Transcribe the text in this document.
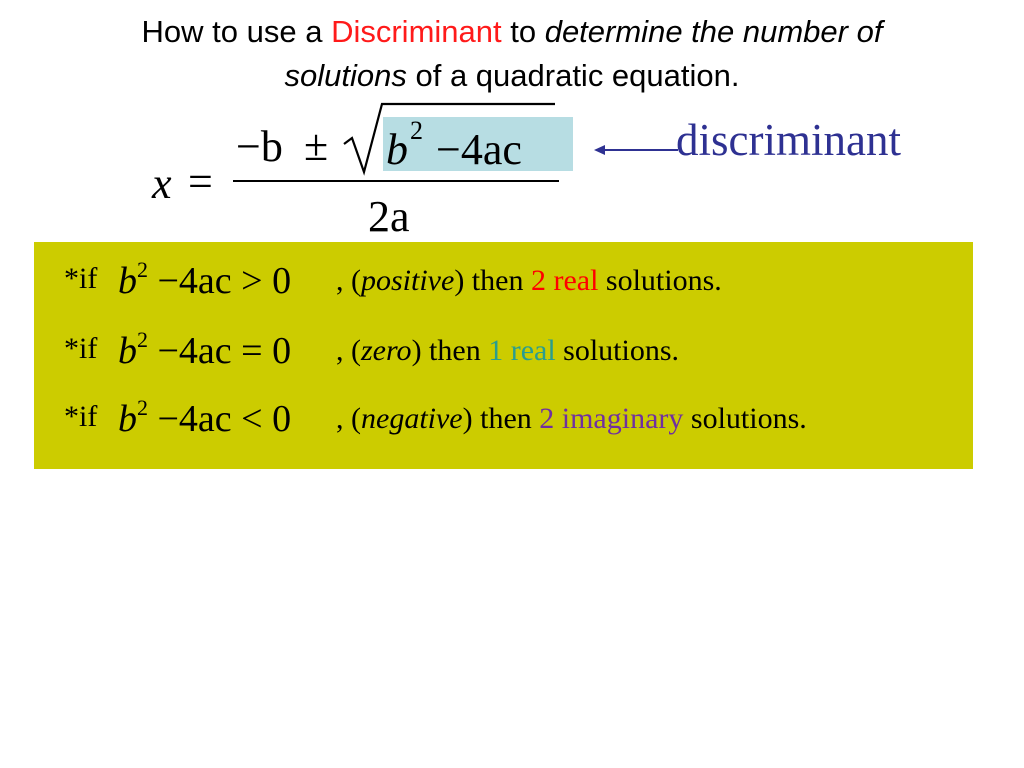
How to use a Discriminant to determine the number of
solutions of a quadratic equation.
x =
−b ± b 2 −4ac
2a
discriminant
*if $b^2 -4ac > 0$ , (positive) then 2 real solutions.
*if $b^2 -4ac = 0$ , (zero) then 1 real solutions.
*if $b^2 -4ac < 0$ , (negative) then 2 imaginary solutions.
